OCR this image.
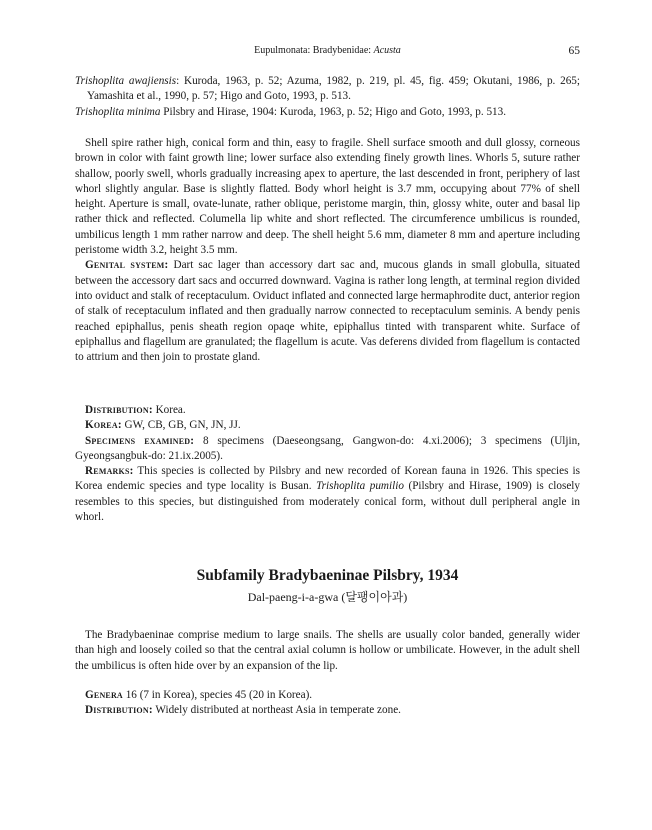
Eupulmonata: Bradybenidae: Acusta	65

Trishoplita awajiensis: Kuroda, 1963, p. 52; Azuma, 1982, p. 219, pl. 45, fig. 459; Okutani, 1986, p. 265; Yamashita et al., 1990, p. 57; Higo and Goto, 1993, p. 513.

Trishoplita minima Pilsbry and Hirase, 1904: Kuroda, 1963, p. 52; Higo and Goto, 1993, p. 513.

Shell spire rather high, conical form and thin, easy to fragile. Shell surface smooth and dull glossy, corneous brown in color with faint growth line; lower surface also extending finely growth lines. Whorls 5, suture rather shallow, poorly swell, whorls gradually increasing apex to aperture, the last descended in front, periphery of last whorl slightly angular. Base is slightly flatted. Body whorl height is 3.7 mm, occupying about 77% of shell height. Aperture is small, ovate-lunate, rather oblique, peristome margin, thin, glossy white, outer and basal lip rather thick and reflected. Columella lip white and short reflected. The circumference umbilicus is rounded, umbilicus length 1 mm rather narrow and deep. The shell height 5.6 mm, diameter 8 mm and aperture including peristome width 3.2, height 3.5 mm.

Genital system: Dart sac lager than accessory dart sac and, mucous glands in small globulla, situated between the accessory dart sacs and occurred downward. Vagina is rather long length, at terminal region divided into oviduct and stalk of receptaculum. Oviduct inflated and connected large hermaphrodite duct, anterior region of stalk of receptaculum inflated and then gradually narrow connected to receptaculum seminis. A bendy penis reached epiphallus, penis sheath region opaqe white, epiphallus tinted with transparent white. Surface of epiphallus and flagellum are granulated; the flagellum is acute. Vas deferens divided from flagellum is contacted to attrium and then join to prostate gland.

Distribution: Korea.

Korea: GW, CB, GB, GN, JN, JJ.

Specimens examined: 8 specimens (Daeseongsang, Gangwon-do: 4.xi.2006); 3 specimens (Uljin, Gyeongsangbuk-do: 21.ix.2005).

Remarks: This species is collected by Pilsbry and new recorded of Korean fauna in 1926. This species is Korea endemic species and type locality is Busan. Trishoplita pumilio (Pilsbry and Hirase, 1909) is closely resembles to this species, but distinguished from moderately conical form, without dull peripheral angle in whorl.

Subfamily Bradybaeninae Pilsbry, 1934

Dal-paeng-i-a-gwa (달팽이아과)

The Bradybaeninae comprise medium to large snails. The shells are usually color banded, generally wider than high and loosely coiled so that the central axial column is hollow or umbilicate. However, in the adult shell the umbilicus is often hide over by an expansion of the lip.

Genera 16 (7 in Korea), species 45 (20 in Korea).

Distribution: Widely distributed at northeast Asia in temperate zone.
